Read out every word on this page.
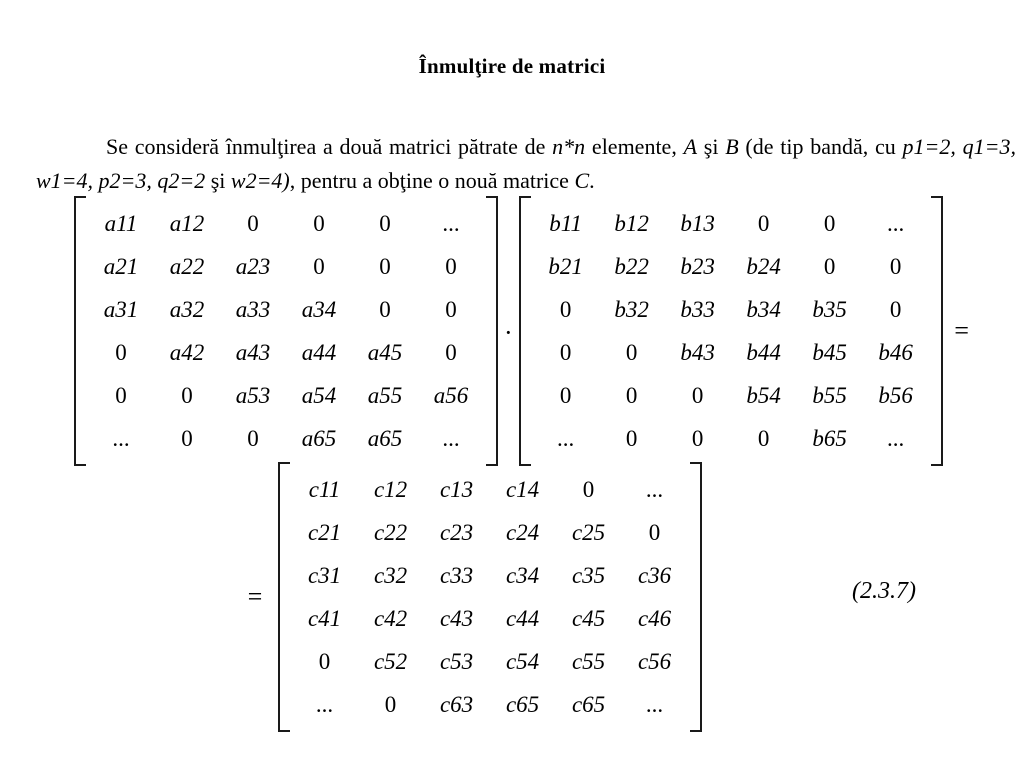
Înmulţire de matrici

Se consideră înmulţirea a două matrici pătrate de n*n elemente, A şi B (de tip bandă, cu p1=2, q1=3, w1=4, p2=3, q2=2 şi w2=4), pentru a obţine o nouă matrice C.

a11	a12	0	0	0	...
a21	a22	a23	0	0	0
a31	a32	a33	a34	0	0
0	a42	a43	a44	a45	0
0	0	a53	a54	a55	a56
...	0	0	a65	a65	...
·
b11	b12	b13	0	0	...
b21	b22	b23	b24	0	0
0	b32	b33	b34	b35	0
0	0	b43	b44	b45	b46
0	0	0	b54	b55	b56
...	0	0	0	b65	...
=
=
c11	c12	c13	c14	0	...
c21	c22	c23	c24	c25	0
c31	c32	c33	c34	c35	c36
c41	c42	c43	c44	c45	c46
0	c52	c53	c54	c55	c56
...	0	c63	c65	c65	...
(2.3.7)
